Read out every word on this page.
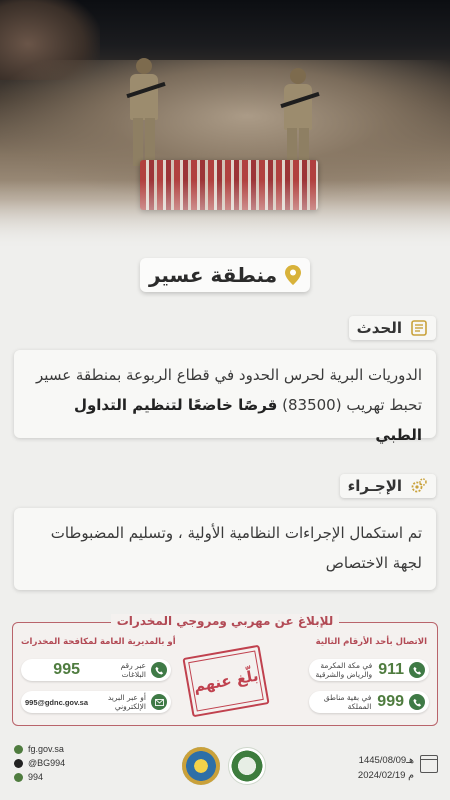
منطقة عسير
الحدث
الدوريات البرية لحرس الحدود في قطاع الربوعة بمنطقة عسير
تحبط تهريب (83500) قرصًا خاضعًا لتنظيم التداول الطبي
الإجـراء
تم استكمال الإجراءات النظامية الأولية ، وتسليم المضبوطات
لجهة الاختصاص
للإبلاغ عن مهربي ومروجي المخدرات
الاتصال بأحد الأرقام التالية
أو بالمديرية العامة لمكافحة المخدرات
911
في مكة المكرمة والرياض والشرقية
999
في بقية مناطق المملكة
بلّغ عنهم
عبر رقم البلاغات
995
أو عبر البريد الإلكتروني
995@gdnc.gov.sa
fg.gov.sa
@BG994
994
1445/08/09هـ
2024/02/19 م
